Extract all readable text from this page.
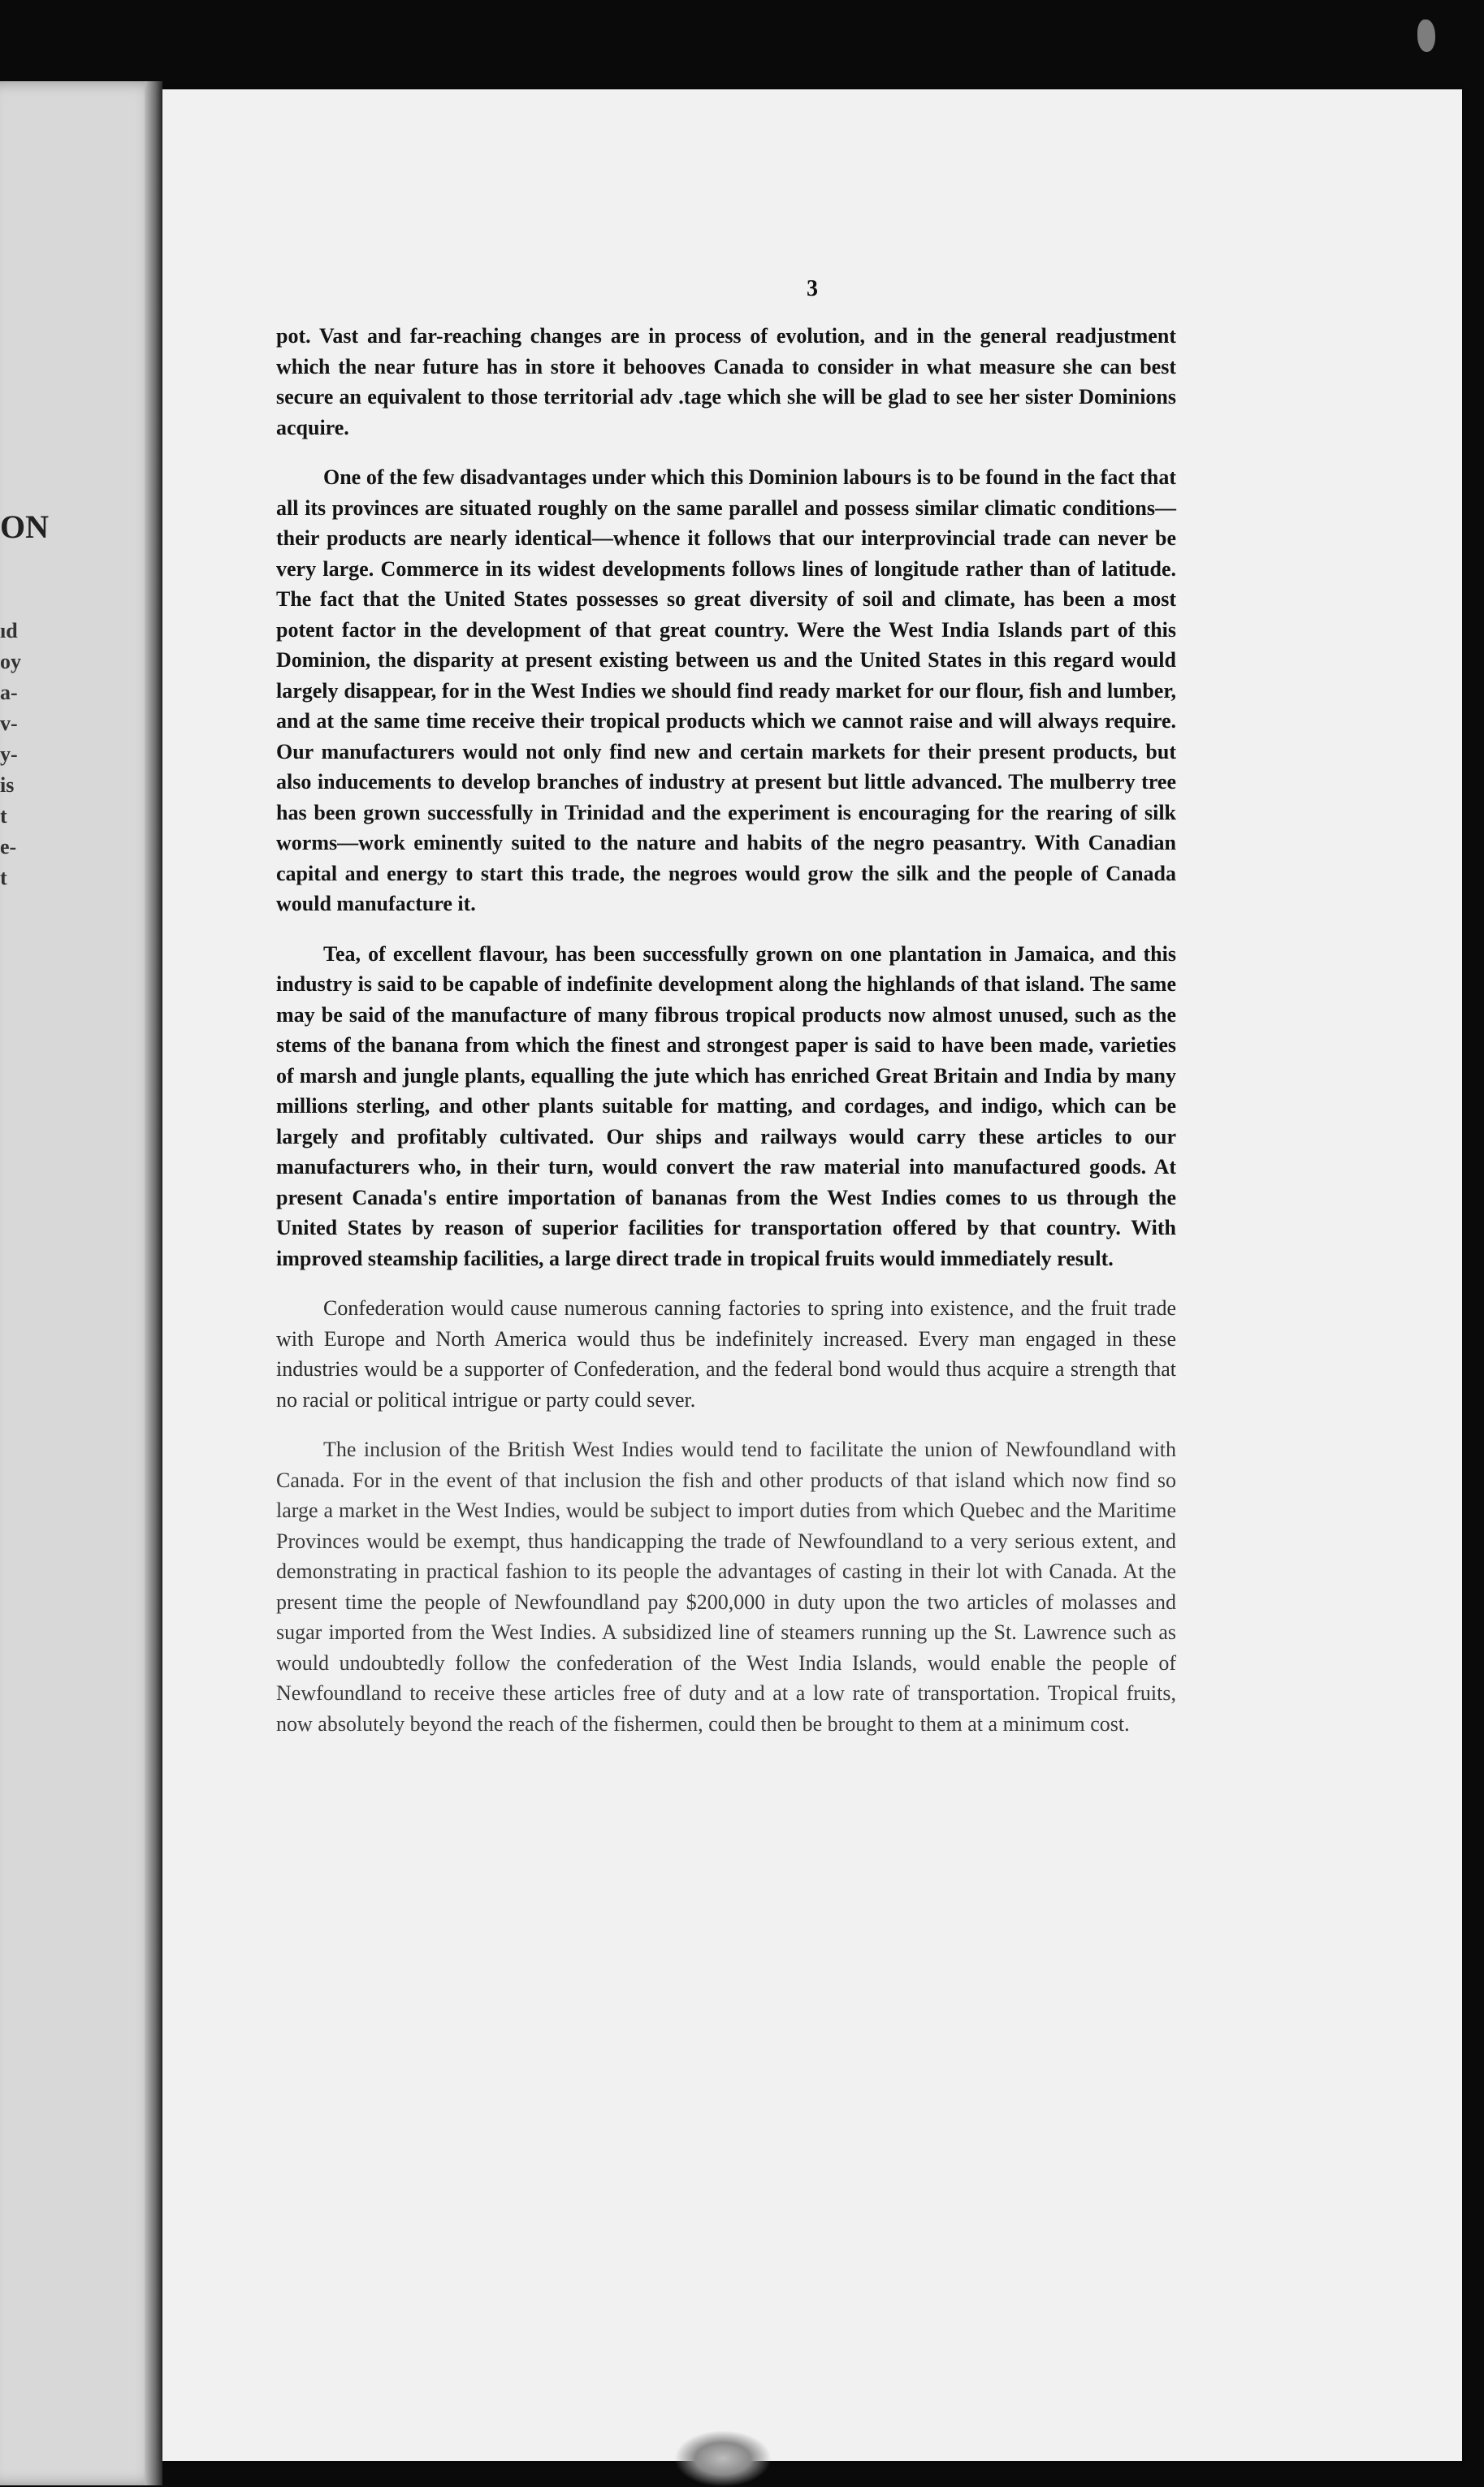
ON
ıd
oy
a-
v-
y-
is
t
e-
t
3

pot. Vast and far-reaching changes are in process of evolution, and in the general readjustment which the near future has in store it behooves Canada to consider in what measure she can best secure an equivalent to those territorial adv .tage which she will be glad to see her sister Dominions acquire.

One of the few disadvantages under which this Dominion labours is to be found in the fact that all its provinces are situated roughly on the same parallel and possess similar climatic conditions—their products are nearly identical—whence it follows that our interprovincial trade can never be very large. Commerce in its widest developments follows lines of longitude rather than of latitude. The fact that the United States possesses so great diversity of soil and climate, has been a most potent factor in the development of that great country. Were the West India Islands part of this Dominion, the disparity at present existing between us and the United States in this regard would largely disappear, for in the West Indies we should find ready market for our flour, fish and lumber, and at the same time receive their tropical products which we cannot raise and will always require. Our manufacturers would not only find new and certain markets for their present products, but also inducements to develop branches of industry at present but little advanced. The mulberry tree has been grown successfully in Trinidad and the experiment is encouraging for the rearing of silk worms—work eminently suited to the nature and habits of the negro peasantry. With Canadian capital and energy to start this trade, the negroes would grow the silk and the people of Canada would manufacture it.

Tea, of excellent flavour, has been successfully grown on one plantation in Jamaica, and this industry is said to be capable of indefinite development along the highlands of that island. The same may be said of the manufacture of many fibrous tropical products now almost unused, such as the stems of the banana from which the finest and strongest paper is said to have been made, varieties of marsh and jungle plants, equalling the jute which has enriched Great Britain and India by many millions sterling, and other plants suitable for matting, and cordages, and indigo, which can be largely and profitably cultivated. Our ships and railways would carry these articles to our manufacturers who, in their turn, would convert the raw material into manufactured goods. At present Canada's entire importation of bananas from the West Indies comes to us through the United States by reason of superior facilities for transportation offered by that country. With improved steamship facilities, a large direct trade in tropical fruits would immediately result.

Confederation would cause numerous canning factories to spring into existence, and the fruit trade with Europe and North America would thus be indefinitely increased. Every man engaged in these industries would be a supporter of Confederation, and the federal bond would thus acquire a strength that no racial or political intrigue or party could sever.

The inclusion of the British West Indies would tend to facilitate the union of Newfoundland with Canada. For in the event of that inclusion the fish and other products of that island which now find so large a market in the West Indies, would be subject to import duties from which Quebec and the Maritime Provinces would be exempt, thus handicapping the trade of Newfoundland to a very serious extent, and demonstrating in practical fashion to its people the advantages of casting in their lot with Canada. At the present time the people of Newfoundland pay $200,000 in duty upon the two articles of molasses and sugar imported from the West Indies. A subsidized line of steamers running up the St. Lawrence such as would undoubtedly follow the confederation of the West India Islands, would enable the people of Newfoundland to receive these articles free of duty and at a low rate of transportation. Tropical fruits, now absolutely beyond the reach of the fishermen, could then be brought to them at a minimum cost.
